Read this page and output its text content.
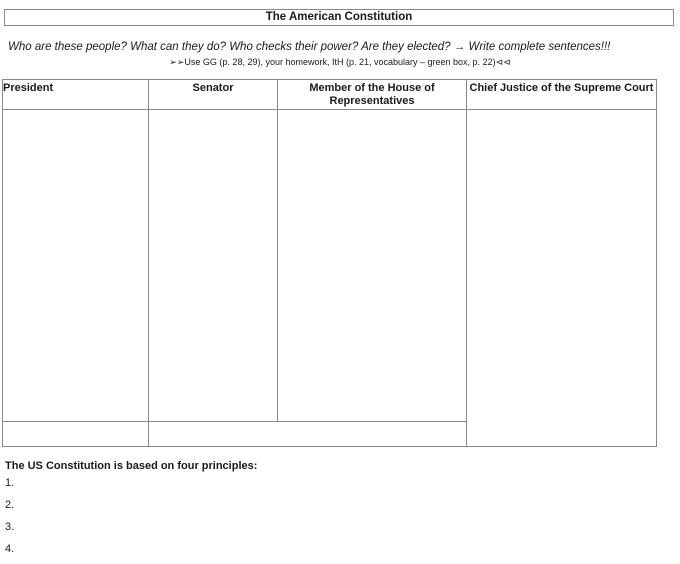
The American Constitution
Who are these people? What can they do? Who checks their power? Are they elected? → Write complete sentences!!!
➢➢Use GG (p. 28, 29), your homework, ItH (p. 21, vocabulary – green box, p. 22)⊲⊲
President	Senator	Member of the House of Representatives	Chief Justice of the Supreme Court

The US Constitution is based on four principles:
1.
2.
3.
4.
